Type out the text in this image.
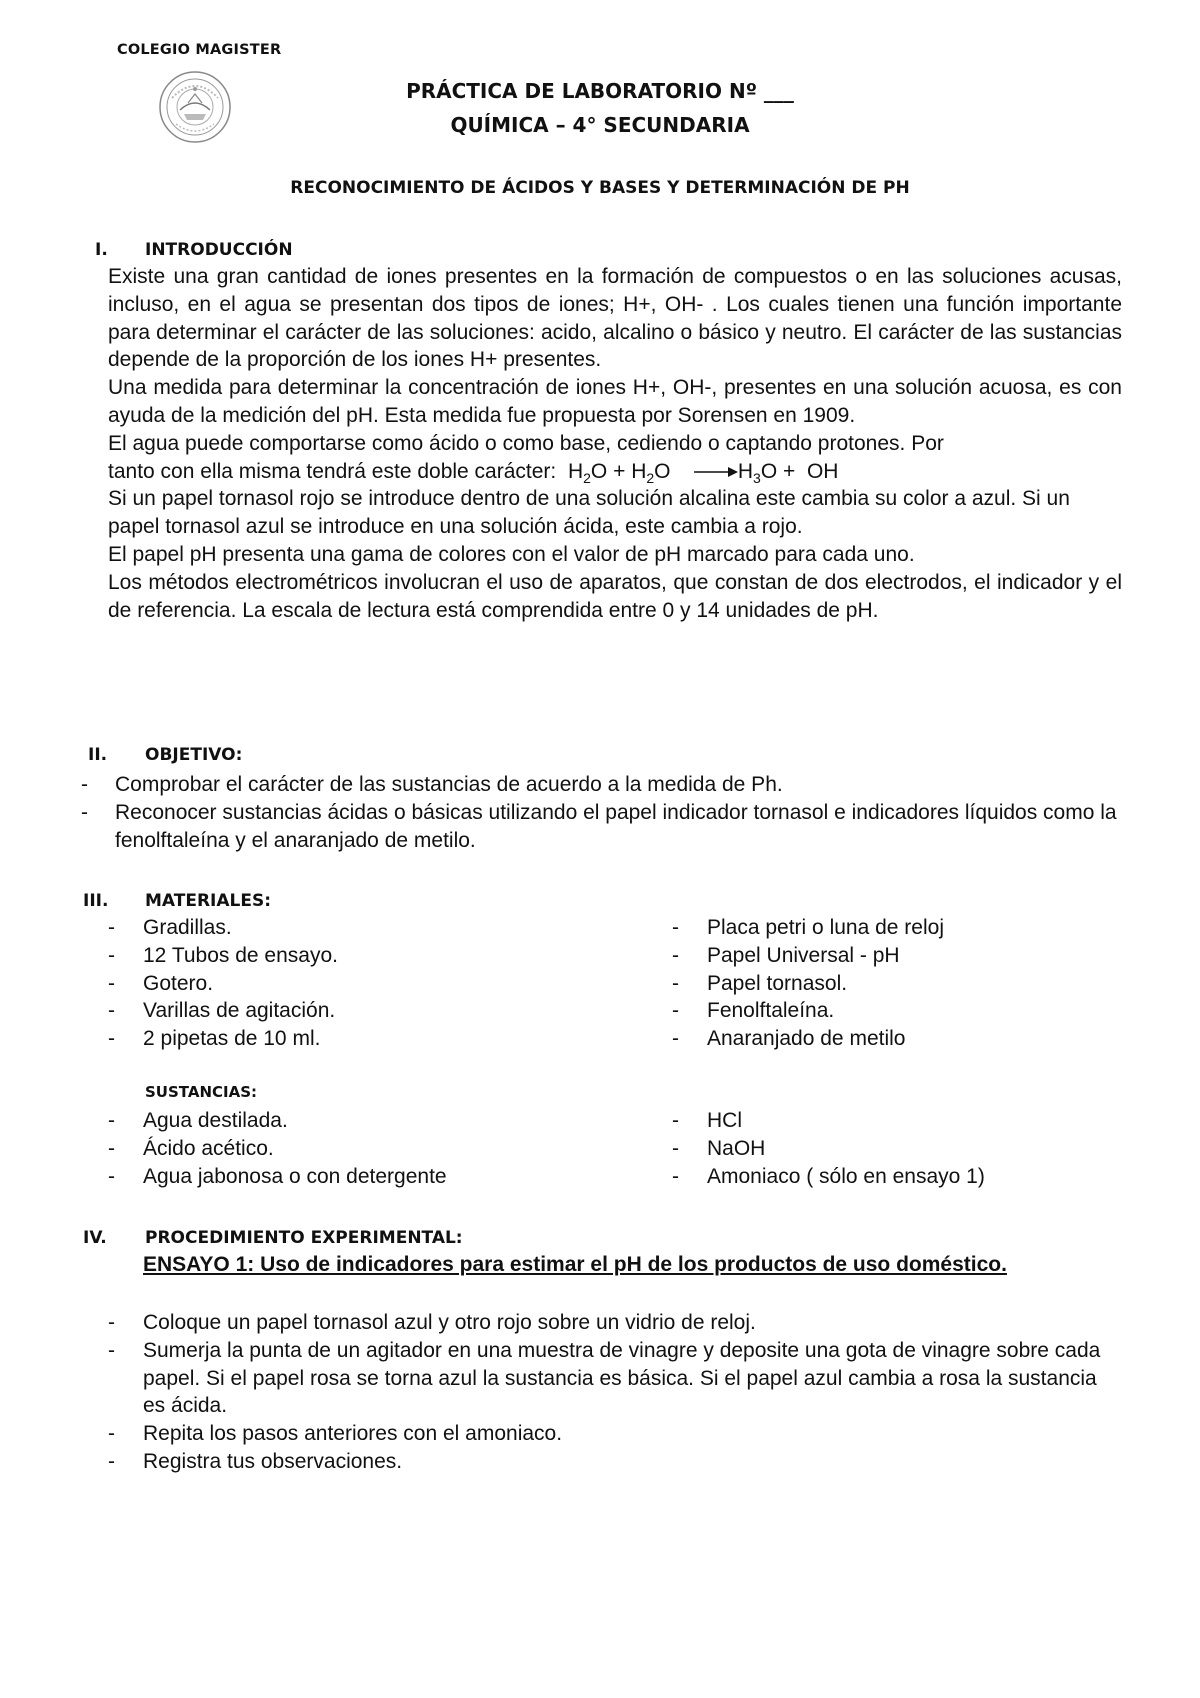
COLEGIO MAGISTER
PRÁCTICA DE LABORATORIO Nº ___
QUÍMICA – 4° SECUNDARIA
RECONOCIMIENTO DE ÁCIDOS Y BASES Y DETERMINACIÓN DE PH
I. INTRODUCCIÓN
Existe una gran cantidad de iones presentes en la formación de compuestos o en las soluciones acusas, incluso, en el agua se presentan dos tipos de iones; H+, OH- . Los cuales tienen una función importante para determinar el carácter de las soluciones: acido, alcalino o básico y neutro. El carácter de las sustancias depende de la proporción de los iones H+ presentes.
Una medida para determinar la concentración de iones H+, OH-, presentes en una solución acuosa, es con ayuda de la medición del pH. Esta medida fue propuesta por Sorensen en 1909.
El agua puede comportarse como ácido o como base, cediendo o captando protones. Por
tanto con ella misma tendrá este doble carácter: $H_2O + H_2O \to H_3O$ + OH
Si un papel tornasol rojo se introduce dentro de una solución alcalina este cambia su color a azul. Si un papel tornasol azul se introduce en una solución ácida, este cambia a rojo.
El papel pH presenta una gama de colores con el valor de pH marcado para cada uno.
Los métodos electrométricos involucran el uso de aparatos, que constan de dos electrodos, el indicador y el de referencia. La escala de lectura está comprendida entre 0 y 14 unidades de pH.
II. OBJETIVO:
- Comprobar el carácter de las sustancias de acuerdo a la medida de Ph.
- Reconocer sustancias ácidas o básicas utilizando el papel indicador tornasol e indicadores líquidos como la fenolftaleína y el anaranjado de metilo.
III. MATERIALES:
- Gradillas.
- 12 Tubos de ensayo.
- Gotero.
- Varillas de agitación.
- 2 pipetas de 10 ml.
- Placa petri o luna de reloj
- Papel Universal - pH
- Papel tornasol.
- Fenolftaleína.
- Anaranjado de metilo
SUSTANCIAS:
- Agua destilada.
- Ácido acético.
- Agua jabonosa o con detergente
- HCl
- NaOH
- Amoniaco ( sólo en ensayo 1)
IV. PROCEDIMIENTO EXPERIMENTAL:
ENSAYO 1: Uso de indicadores para estimar el pH de los productos de uso doméstico.
- Coloque un papel tornasol azul y otro rojo sobre un vidrio de reloj.
- Sumerja la punta de un agitador en una muestra de vinagre y deposite una gota de vinagre sobre cada papel. Si el papel rosa se torna azul la sustancia es básica. Si el papel azul cambia a rosa la sustancia es ácida.
- Repita los pasos anteriores con el amoniaco.
- Registra tus observaciones.
